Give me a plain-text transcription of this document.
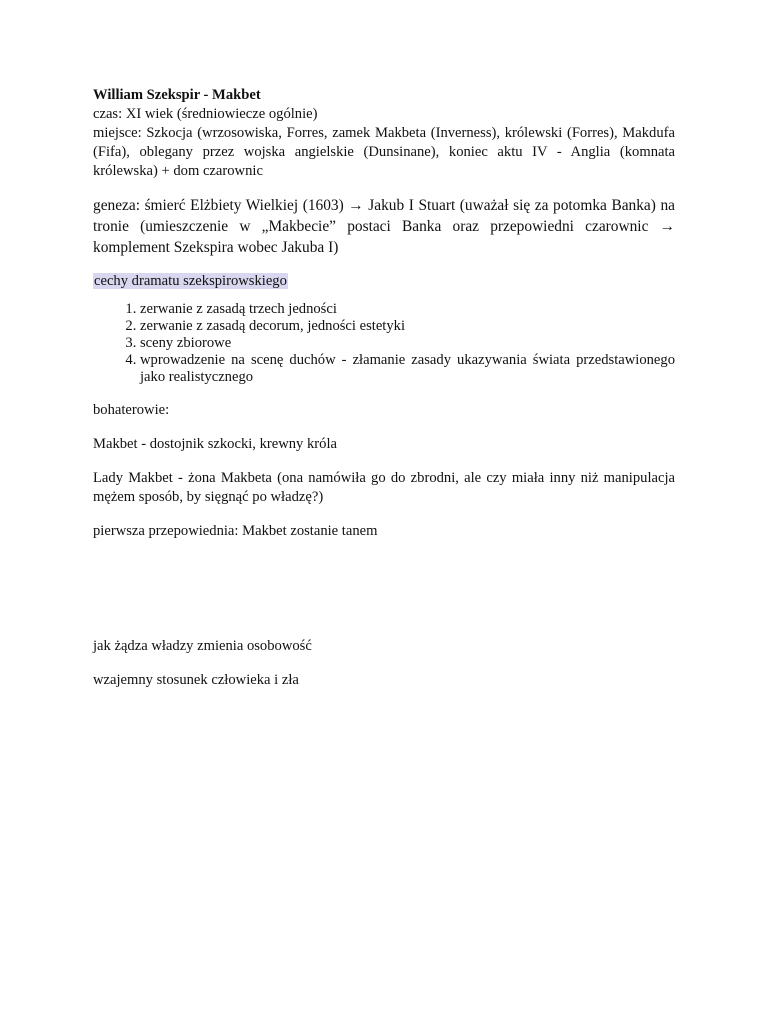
William Szekspir - Makbet

czas: XI wiek (średniowiecze ogólnie)

miejsce: Szkocja (wrzosowiska, Forres, zamek Makbeta (Inverness), królewski (Forres), Makdufa (Fifa), oblegany przez wojska angielskie (Dunsinane), koniec aktu IV - Anglia (komnata królewska) + dom czarownic

geneza: śmierć Elżbiety Wielkiej (1603) → Jakub I Stuart (uważał się za potomka Banka) na tronie (umieszczenie w „Makbecie” postaci Banka oraz przepowiedni czarownic → komplement Szekspira wobec Jakuba I)

cechy dramatu szekspirowskiego

1. zerwanie z zasadą trzech jedności
2. zerwanie z zasadą decorum, jedności estetyki
3. sceny zbiorowe
4. wprowadzenie na scenę duchów - złamanie zasady ukazywania świata przedstawionego jako realistycznego

bohaterowie:

Makbet - dostojnik szkocki, krewny króla

Lady Makbet - żona Makbeta (ona namówiła go do zbrodni, ale czy miała inny niż manipulacja mężem sposób, by sięgnąć po władzę?)

pierwsza przepowiednia: Makbet zostanie tanem

jak żądza władzy zmienia osobowość

wzajemny stosunek człowieka i zła
